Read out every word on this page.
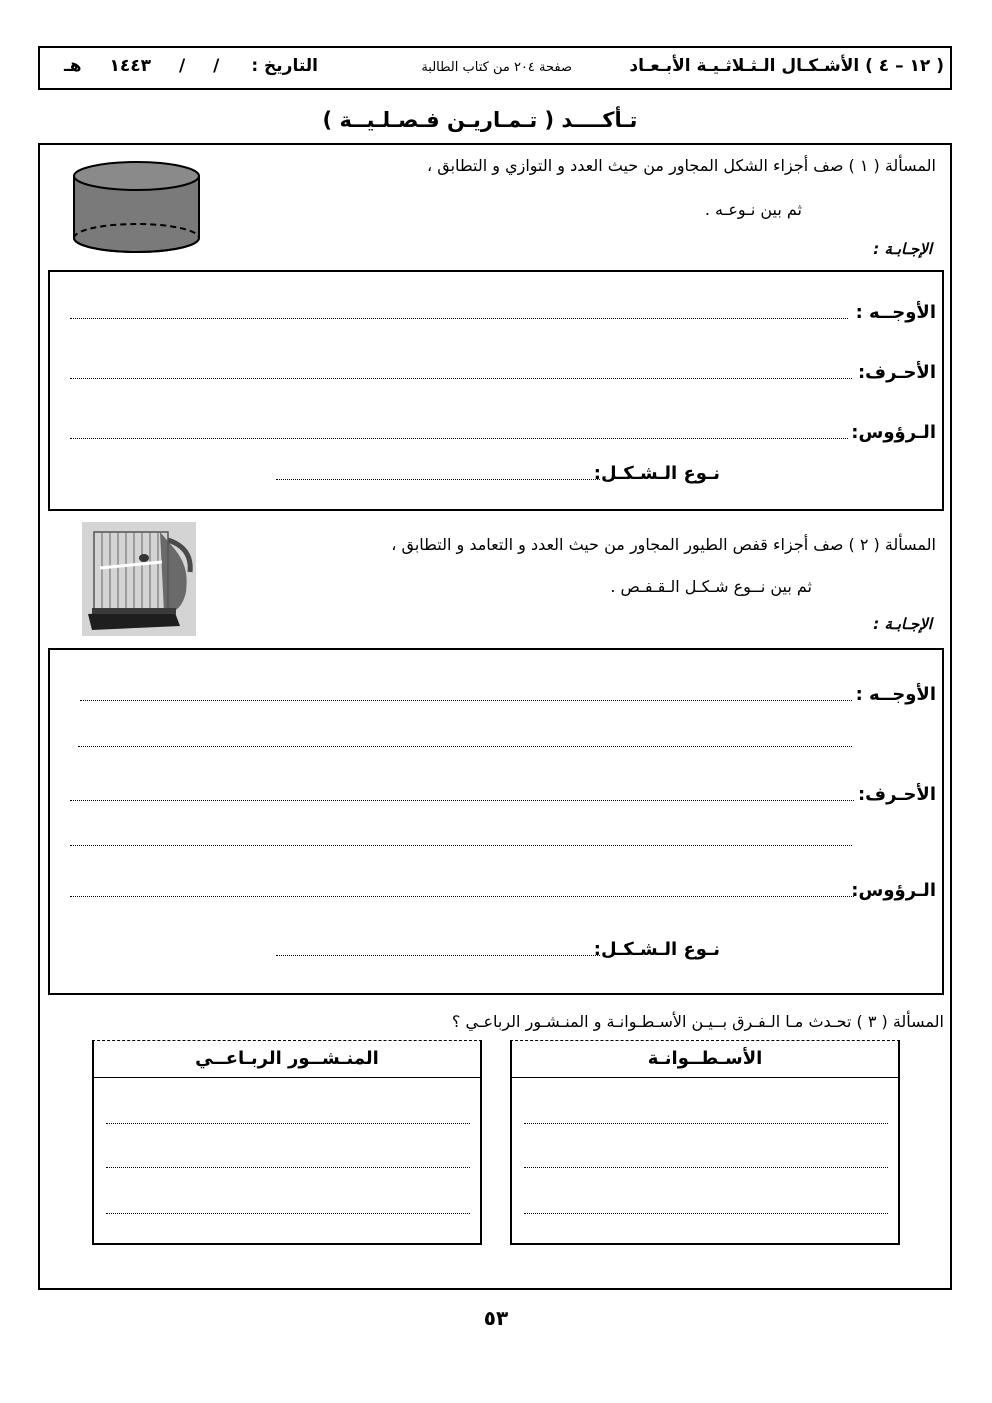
( ١٢ – ٤ ) الأشـكـال الـثـلاثـيـة الأبـعـاد
صفحة ٢٠٤ من كتاب الطالبة
التاريخ :
/ / ١٤٤٣ هـ
تـأكــــد ( تـمـاريـن فـصـلـيــة )
المسألة ( ١ ) صف أجزاء الشكل المجاور من حيث العدد و التوازي و التطابق ،
ثم بين نـوعـه .
الإجـابـة :
الأوجــه :
الأحـرف:
الـرؤوس:
نـوع الـشـكـل:
المسألة ( ٢ ) صف أجزاء قفص الطيور المجاور من حيث العدد و التعامد و التطابق ،
ثم بين نــوع شـكـل الـقـفـص .
الإجـابـة :
الأوجــه :
الأحـرف:
الـرؤوس:
نـوع الـشـكـل:
المسألة ( ٣ ) تحـدث مـا الـفـرق بــيـن الأسـطـوانـة و المنـشـور الرباعـي ؟
الأسـطــوانـة
المنـشــور الربـاعــي
٥٣
